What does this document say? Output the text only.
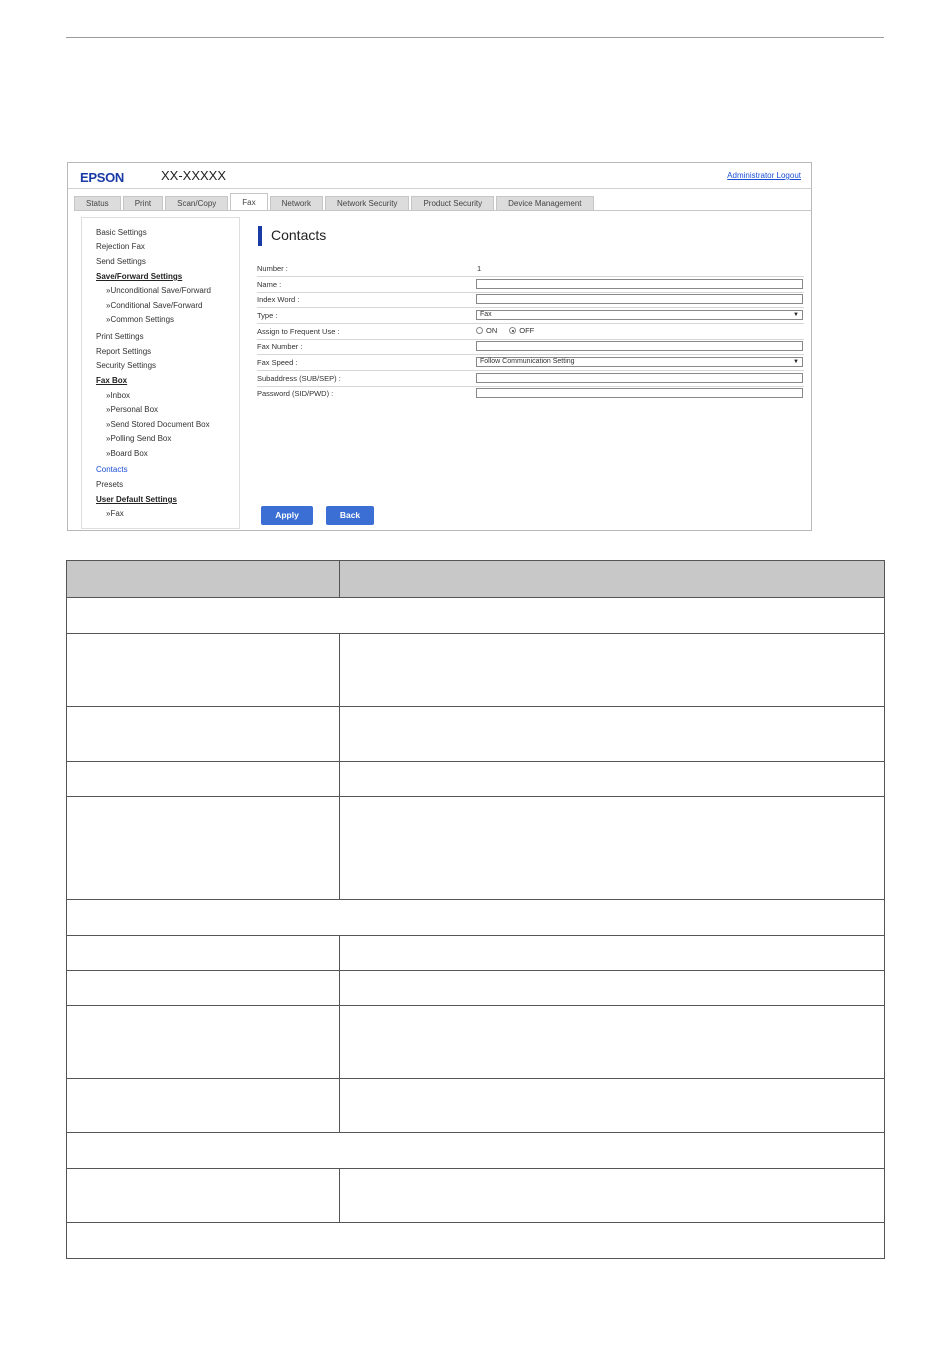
EPSON	XX-XXXXX	Administrator Logout
Status	Print	Scan/Copy	Fax	Network	Network Security	Product Security	Device Management
Basic Settings
Rejection Fax
Send Settings
Save/Forward Settings
»Unconditional Save/Forward
»Conditional Save/Forward
»Common Settings
Print Settings
Report Settings
Security Settings
Fax Box
»Inbox
»Personal Box
»Send Stored Document Box
»Polling Send Box
»Board Box
Contacts
Presets
User Default Settings
»Fax
Contacts
Number :	1
Name :
Index Word :
Type :	Fax	▼
Assign to Frequent Use :	ON	OFF
Fax Number :
Fax Speed :	Follow Communication Setting	▼
Subaddress (SUB/SEP) :
Password (SID/PWD) :
Apply	Back
